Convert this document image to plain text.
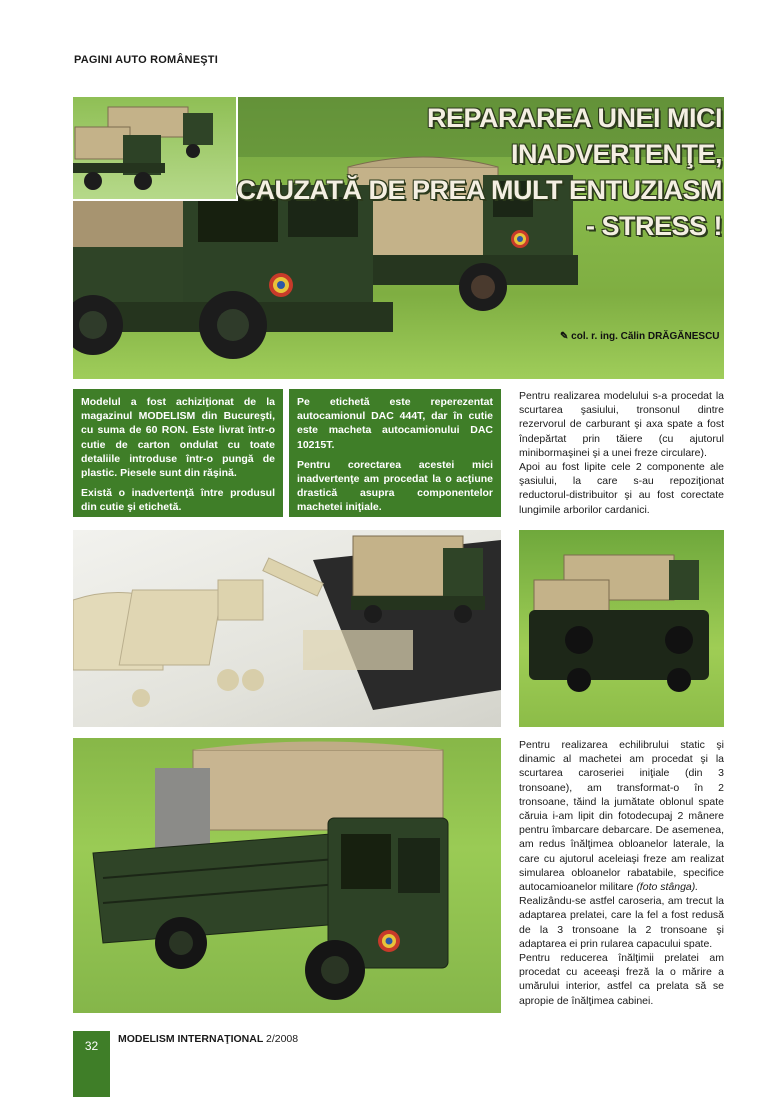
PAGINI AUTO ROMÂNEŞTI
REPARAREA UNEI MICI INADVERTENŢE,
CAUZATĂ DE PREA MULT ENTUZIASM - STRESS !
✎ col. r. ing. Călin DRĂGĂNESCU

Modelul a fost achiziţionat de la magazinul MODELISM din Bucureşti, cu suma de 60 RON. Este livrat într-o cutie de carton ondulat cu toate detaliile introduse într-o pungă de plastic. Piesele sunt din răşină.

Există o inadvertenţă între produsul din cutie şi etichetă.

Pe etichetă este reperezentat autocamionul DAC 444T, dar în cutie este macheta autocamionului DAC 10215T.

Pentru corectarea acestei mici inadvertenţe am procedat la o acţiune drastică asupra componentelor machetei iniţiale.

Pentru realizarea modelului s-a procedat la scurtarea şasiului, tronsonul dintre rezervorul de carburant şi axa spate a fost îndepărtat prin tăiere (cu ajutorul minibormaşinei şi a unei freze circulare).

Apoi au fost lipite cele 2 componente ale şasiului, la care s-au repoziţionat reductorul-distribuitor şi au fost corectate lungimile arborilor cardanici.

Pentru realizarea echilibrului static şi dinamic al machetei am procedat şi la scurtarea caroseriei iniţiale (din 3 tronsoane), am transformat-o în 2 tronsoane, tăind la jumătate oblonul spate căruia i-am lipit din fotodecupaj 2 mânere pentru îmbarcare debarcare. De asemenea, am redus înălţimea obloanelor laterale, la care cu ajutorul aceleiaşi freze am realizat simularea obloanelor rabatabile, specifice autocamioanelor militare (foto stânga).

Realizându-se astfel caroseria, am trecut la adaptarea prelatei, care la fel a fost redusă de la 3 tronsoane la 2 tronsoane şi adaptarea ei prin rularea capacului spate.

Pentru reducerea înălţimii prelatei am procedat cu aceeaşi freză la o mărire a umărului interior, astfel ca prelata să se apropie de înălţimea cabinei.

32	MODELISM INTERNAŢIONAL 2/2008
